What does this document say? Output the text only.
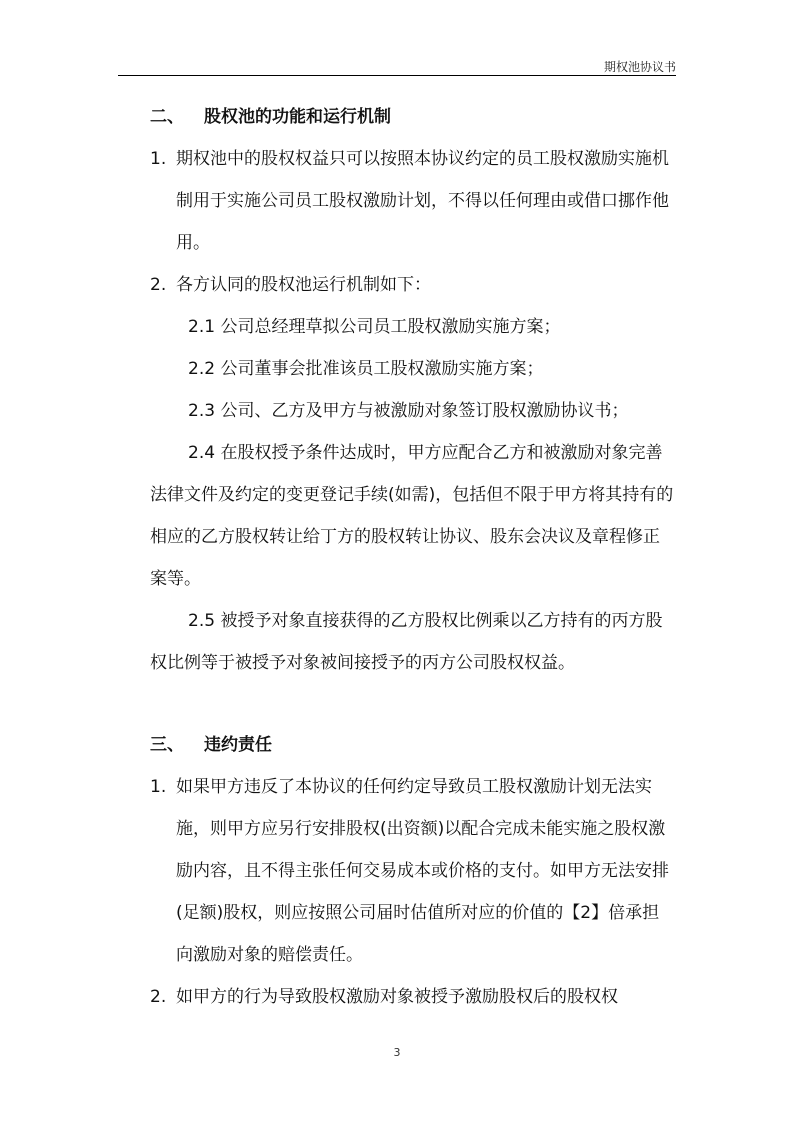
期权池协议书
二、	股权池的功能和运行机制
1. 期权池中的股权权益只可以按照本协议约定的员工股权激励实施机制用于实施公司员工股权激励计划，不得以任何理由或借口挪作他用。
2. 各方认同的股权池运行机制如下：
2.1 公司总经理草拟公司员工股权激励实施方案；
2.2 公司董事会批准该员工股权激励实施方案；
2.3 公司、乙方及甲方与被激励对象签订股权激励协议书；
2.4 在股权授予条件达成时，甲方应配合乙方和被激励对象完善法律文件及约定的变更登记手续(如需)，包括但不限于甲方将其持有的相应的乙方股权转让给丁方的股权转让协议、股东会决议及章程修正案等。
2.5 被授予对象直接获得的乙方股权比例乘以乙方持有的丙方股权比例等于被授予对象被间接授予的丙方公司股权权益。
三、	违约责任
1. 如果甲方违反了本协议的任何约定导致员工股权激励计划无法实施，则甲方应另行安排股权(出资额)以配合完成未能实施之股权激励内容，且不得主张任何交易成本或价格的支付。如甲方无法安排(足额)股权，则应按照公司届时估值所对应的价值的【2】倍承担向激励对象的赔偿责任。
2. 如甲方的行为导致股权激励对象被授予激励股权后的股权权
3
